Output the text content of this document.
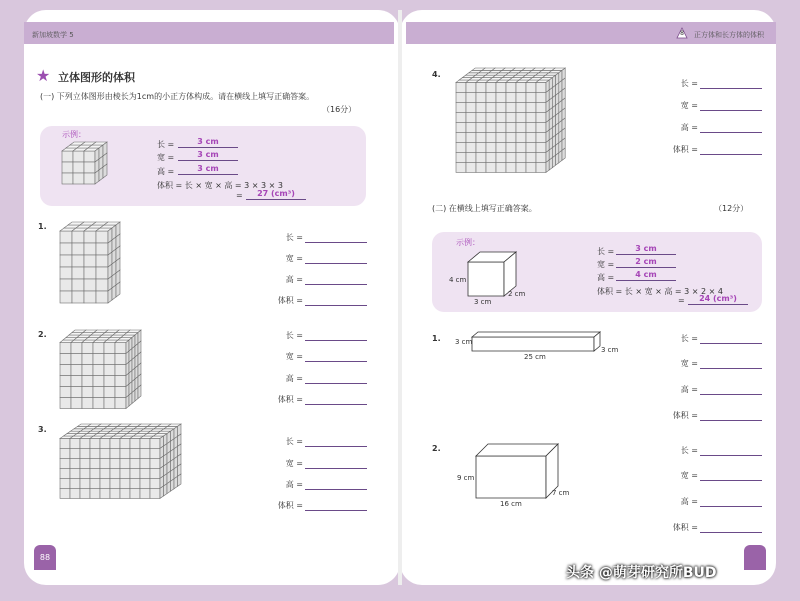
新加坡数学 5	8	正方体和长方体的体积
★ 立体图形的体积
(一) 下列立体图形由棱长为1cm的小正方体构成。请在横线上填写正确答案。
（16分）
示例：
长 =	3 cm
宽 =	3 cm
高 =	3 cm
体积 = 长 × 宽 × 高 = 3 × 3 × 3
=	27 (cm³)
1.
2.
3.
长 =
宽 =
高 =
体积 =
长 =
宽 =
高 =
体积 =
长 =
宽 =
高 =
体积 =
88
4.
(二) 在横线上填写正确答案。	（12分）
示例：
4 cm
3 cm
2 cm
长 =	3 cm
宽 =	2 cm
高 =	4 cm
体积 = 长 × 宽 × 高 = 3 × 2 × 4
=	24 (cm³)
1. 3 cm
25 cm
3 cm
2.
9 cm
16 cm
7 cm
长 =
宽 =
高 =
体积 =
长 =
宽 =
高 =
体积 =
长 =
宽 =
高 =
体积 =
头条 @萌芽研究所BUD
